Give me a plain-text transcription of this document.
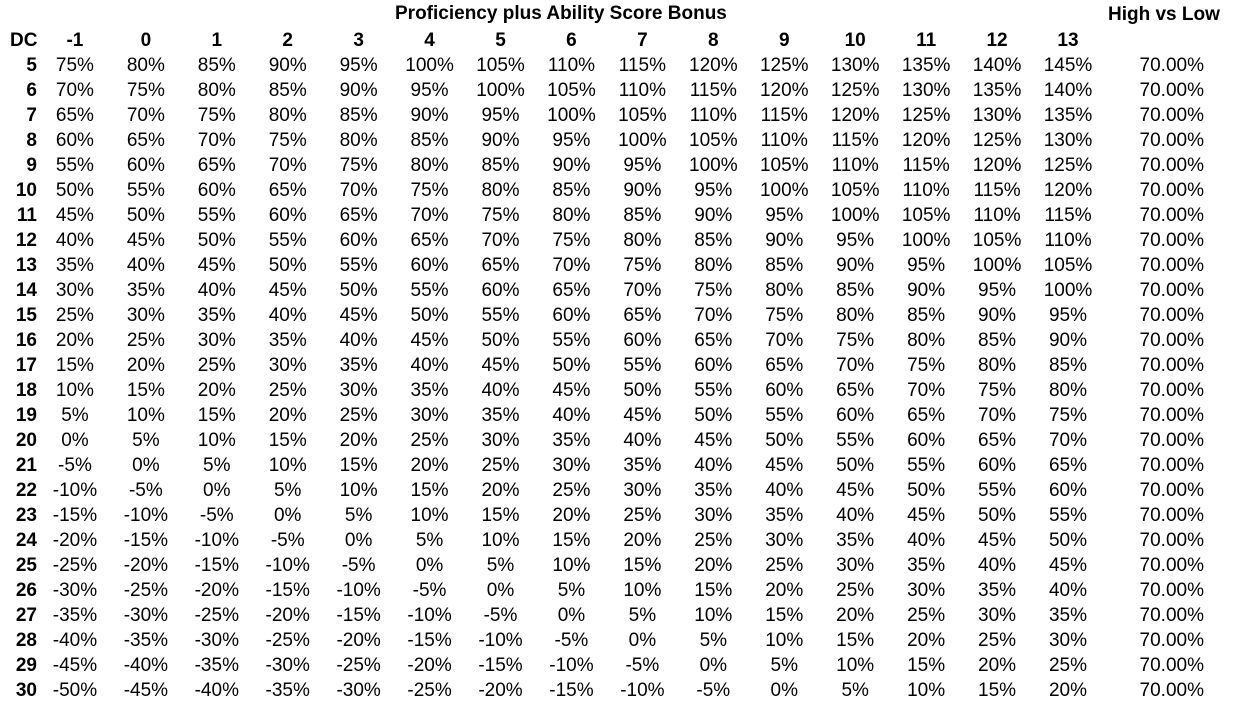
Proficiency plus Ability Score Bonus	High vs Low
DC	-1	0	1	2	3	4	5	6	7	8	9	10	11	12	13	
5	75%	80%	85%	90%	95%	100%	105%	110%	115%	120%	125%	130%	135%	140%	145%	70.00%
6	70%	75%	80%	85%	90%	95%	100%	105%	110%	115%	120%	125%	130%	135%	140%	70.00%
7	65%	70%	75%	80%	85%	90%	95%	100%	105%	110%	115%	120%	125%	130%	135%	70.00%
8	60%	65%	70%	75%	80%	85%	90%	95%	100%	105%	110%	115%	120%	125%	130%	70.00%
9	55%	60%	65%	70%	75%	80%	85%	90%	95%	100%	105%	110%	115%	120%	125%	70.00%
10	50%	55%	60%	65%	70%	75%	80%	85%	90%	95%	100%	105%	110%	115%	120%	70.00%
11	45%	50%	55%	60%	65%	70%	75%	80%	85%	90%	95%	100%	105%	110%	115%	70.00%
12	40%	45%	50%	55%	60%	65%	70%	75%	80%	85%	90%	95%	100%	105%	110%	70.00%
13	35%	40%	45%	50%	55%	60%	65%	70%	75%	80%	85%	90%	95%	100%	105%	70.00%
14	30%	35%	40%	45%	50%	55%	60%	65%	70%	75%	80%	85%	90%	95%	100%	70.00%
15	25%	30%	35%	40%	45%	50%	55%	60%	65%	70%	75%	80%	85%	90%	95%	70.00%
16	20%	25%	30%	35%	40%	45%	50%	55%	60%	65%	70%	75%	80%	85%	90%	70.00%
17	15%	20%	25%	30%	35%	40%	45%	50%	55%	60%	65%	70%	75%	80%	85%	70.00%
18	10%	15%	20%	25%	30%	35%	40%	45%	50%	55%	60%	65%	70%	75%	80%	70.00%
19	5%	10%	15%	20%	25%	30%	35%	40%	45%	50%	55%	60%	65%	70%	75%	70.00%
20	0%	5%	10%	15%	20%	25%	30%	35%	40%	45%	50%	55%	60%	65%	70%	70.00%
21	-5%	0%	5%	10%	15%	20%	25%	30%	35%	40%	45%	50%	55%	60%	65%	70.00%
22	-10%	-5%	0%	5%	10%	15%	20%	25%	30%	35%	40%	45%	50%	55%	60%	70.00%
23	-15%	-10%	-5%	0%	5%	10%	15%	20%	25%	30%	35%	40%	45%	50%	55%	70.00%
24	-20%	-15%	-10%	-5%	0%	5%	10%	15%	20%	25%	30%	35%	40%	45%	50%	70.00%
25	-25%	-20%	-15%	-10%	-5%	0%	5%	10%	15%	20%	25%	30%	35%	40%	45%	70.00%
26	-30%	-25%	-20%	-15%	-10%	-5%	0%	5%	10%	15%	20%	25%	30%	35%	40%	70.00%
27	-35%	-30%	-25%	-20%	-15%	-10%	-5%	0%	5%	10%	15%	20%	25%	30%	35%	70.00%
28	-40%	-35%	-30%	-25%	-20%	-15%	-10%	-5%	0%	5%	10%	15%	20%	25%	30%	70.00%
29	-45%	-40%	-35%	-30%	-25%	-20%	-15%	-10%	-5%	0%	5%	10%	15%	20%	25%	70.00%
30	-50%	-45%	-40%	-35%	-30%	-25%	-20%	-15%	-10%	-5%	0%	5%	10%	15%	20%	70.00%
